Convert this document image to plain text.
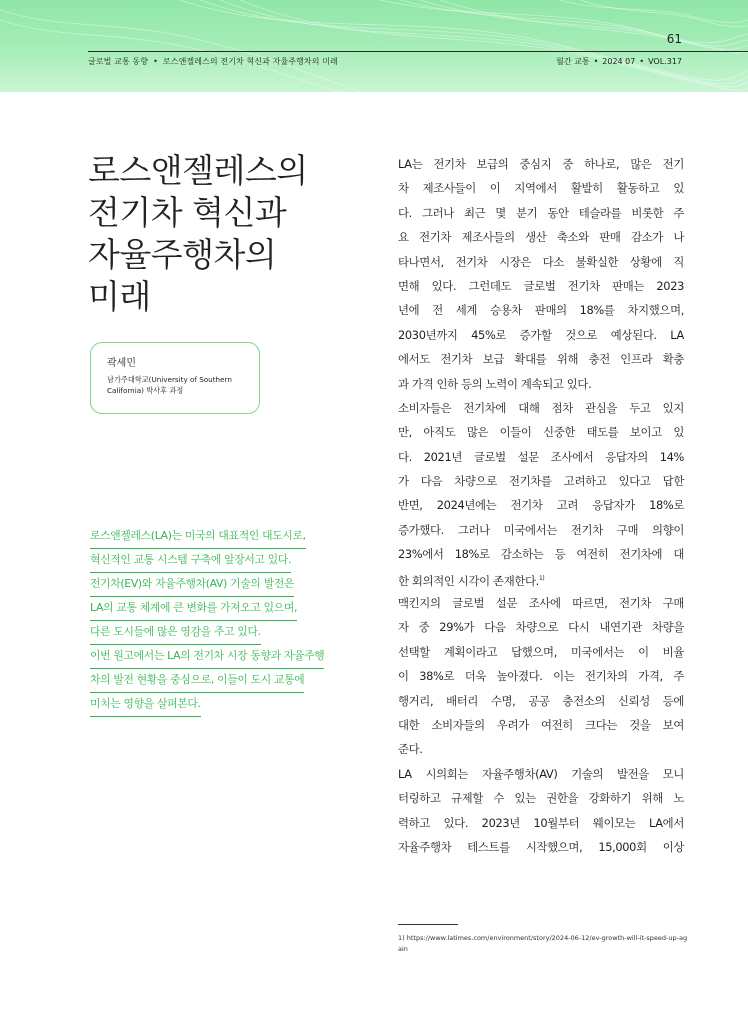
61
글로벌 교통 동향 • 로스앤젤레스의 전기차 혁신과 자율주행차의 미래	월간 교통 • 2024 07 • VOL.317
로스앤젤레스의
전기차 혁신과
자율주행차의
미래
곽세민
남가주대학교(University of Southern
California) 박사후 과정
로스앤젤레스(LA)는 미국의 대표적인 대도시로,
혁신적인 교통 시스템 구축에 앞장서고 있다.
전기차(EV)와 자율주행차(AV) 기술의 발전은
LA의 교통 체계에 큰 변화를 가져오고 있으며,
다른 도시들에 많은 영감을 주고 있다.
이번 원고에서는 LA의 전기차 시장 동향과 자율주행
차의 발전 현황을 중심으로, 이들이 도시 교통에
미치는 영향을 살펴본다.
LA는 전기차 보급의 중심지 중 하나로, 많은 전기
차 제조사들이 이 지역에서 활발히 활동하고 있
다. 그러나 최근 몇 분기 동안 테슬라를 비롯한 주
요 전기차 제조사들의 생산 축소와 판매 감소가 나
타나면서, 전기차 시장은 다소 불확실한 상황에 직
면해 있다. 그런데도 글로벌 전기차 판매는 2023
년에 전 세계 승용차 판매의 18%를 차지했으며,
2030년까지 45%로 증가할 것으로 예상된다. LA
에서도 전기차 보급 확대를 위해 충전 인프라 확충
과 가격 인하 등의 노력이 계속되고 있다.
소비자들은 전기차에 대해 점차 관심을 두고 있지
만, 아직도 많은 이들이 신중한 태도를 보이고 있
다. 2021년 글로벌 설문 조사에서 응답자의 14%
가 다음 차량으로 전기차를 고려하고 있다고 답한
반면, 2024년에는 전기차 고려 응답자가 18%로
증가했다. 그러나 미국에서는 전기차 구매 의향이
23%에서 18%로 감소하는 등 여전히 전기차에 대
한 회의적인 시각이 존재한다.$^{1)}$
맥킨지의 글로벌 설문 조사에 따르면, 전기차 구매
자 중 29%가 다음 차량으로 다시 내연기관 차량을
선택할 계획이라고 답했으며, 미국에서는 이 비율
이 38%로 더욱 높아졌다. 이는 전기차의 가격, 주
행거리, 배터리 수명, 공공 충전소의 신뢰성 등에
대한 소비자들의 우려가 여전히 크다는 것을 보여
준다.
LA 시의회는 자율주행차(AV) 기술의 발전을 모니
터링하고 규제할 수 있는 권한을 강화하기 위해 노
력하고 있다. 2023년 10월부터 웨이모는 LA에서
자율주행차 테스트를 시작했으며, 15,000회 이상
1) https://www.latimes.com/environment/story/2024-06-12/ev-growth-will-it-speed-up-again
